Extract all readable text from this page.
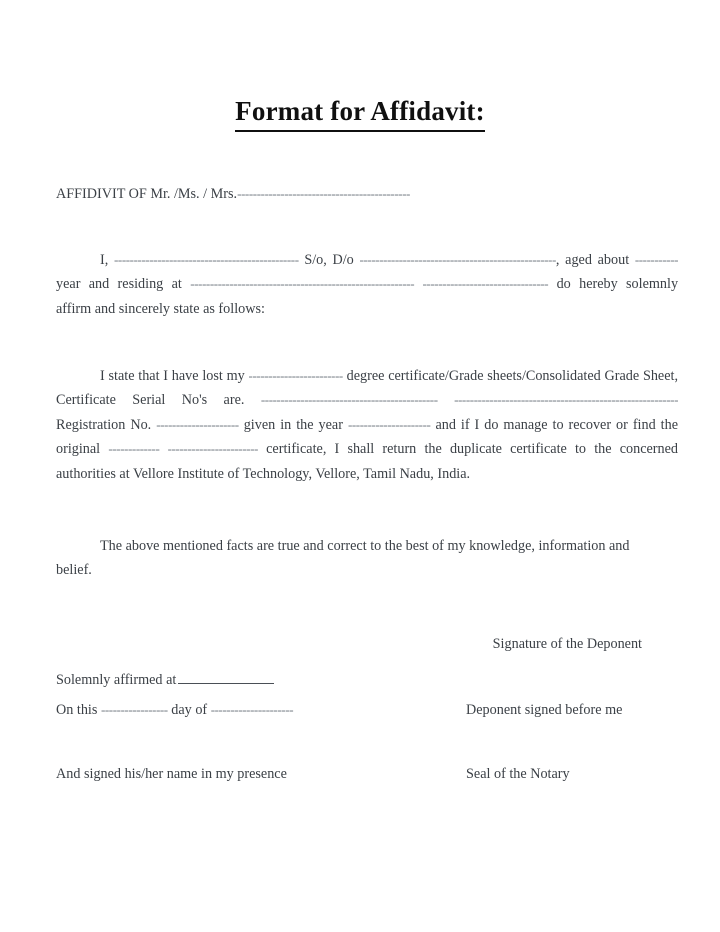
Format for Affidavit:
AFFIDIVIT OF Mr. /Ms. / Mrs.--------------------------------------------

I, ----------------------------------------------- S/o, D/o --------------------------------------------------, aged about ----------- year and residing at --------------------------------------------------------- -------------------------------- do hereby solemnly affirm and sincerely state as follows:

I state that I have lost my ------------------------ degree certificate/Grade sheets/Consolidated Grade Sheet, Certificate Serial No's are. --------------------------------------------- --------------------------------------------------------- Registration No. --------------------- given in the year --------------------- and if I do manage to recover or find the original ------------- ----------------------- certificate, I shall return the duplicate certificate to the concerned authorities at Vellore Institute of Technology, Vellore, Tamil Nadu, India.

The above mentioned facts are true and correct to the best of my knowledge, information and belief.

Signature of the Deponent
Solemnly affirmed at
On this ----------------- day of ---------------------	Deponent signed before me
And signed his/her name in my presence	Seal of the Notary
